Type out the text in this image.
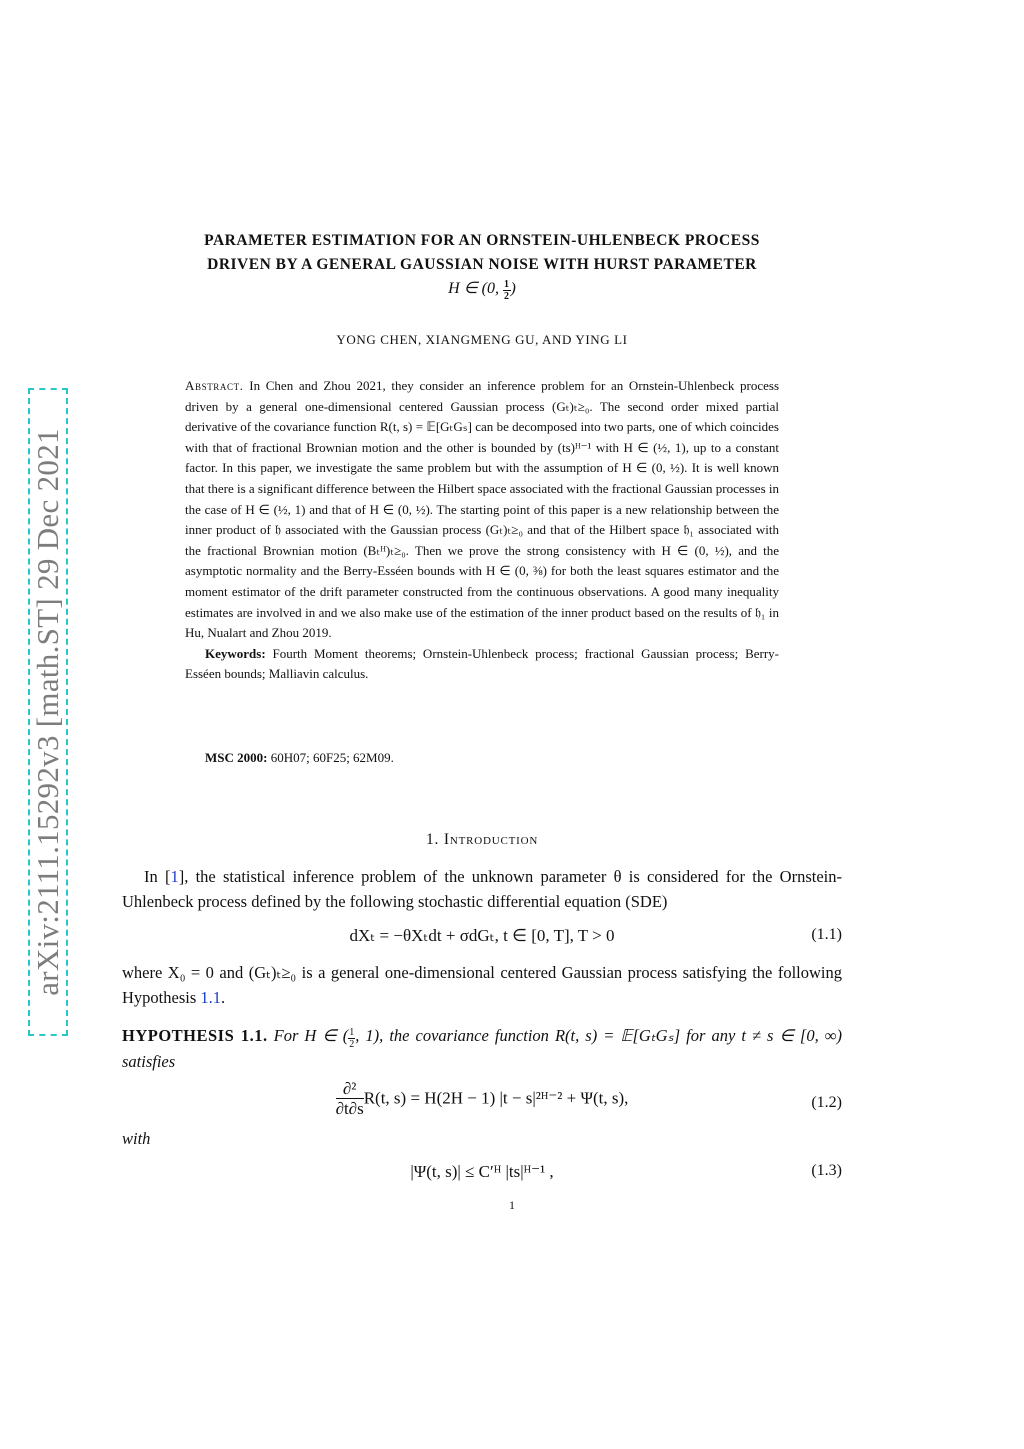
arXiv:2111.15292v3 [math.ST] 29 Dec 2021
PARAMETER ESTIMATION FOR AN ORNSTEIN-UHLENBECK PROCESS
DRIVEN BY A GENERAL GAUSSIAN NOISE WITH HURST PARAMETER
H ∈ (0, $\frac{1}{2}$ )
YONG CHEN, XIANGMENG GU, AND YING LI
Abstract. In Chen and Zhou 2021, they consider an inference problem for an Ornstein-Uhlenbeck process driven by a general one-dimensional centered Gaussian process (Gₜ)ₜ≥₀. The second order mixed partial derivative of the covariance function R(t, s) = 𝔼[GₜGₛ] can be decomposed into two parts, one of which coincides with that of fractional Brownian motion and the other is bounded by (ts)ᴴ⁻¹ with H ∈ (½, 1), up to a constant factor. In this paper, we investigate the same problem but with the assumption of H ∈ (0, ½). It is well known that there is a significant difference between the Hilbert space associated with the fractional Gaussian processes in the case of H ∈ (½, 1) and that of H ∈ (0, ½). The starting point of this paper is a new relationship between the inner product of 𝔥 associated with the Gaussian process (Gₜ)ₜ≥₀ and that of the Hilbert space 𝔥₁ associated with the fractional Brownian motion (Bₜᴴ)ₜ≥₀. Then we prove the strong consistency with H ∈ (0, ½), and the asymptotic normality and the Berry-Esséen bounds with H ∈ (0, ⅜) for both the least squares estimator and the moment estimator of the drift parameter constructed from the continuous observations. A good many inequality estimates are involved in and we also make use of the estimation of the inner product based on the results of 𝔥₁ in Hu, Nualart and Zhou 2019.
Keywords: Fourth Moment theorems; Ornstein-Uhlenbeck process; fractional Gaussian process; Berry-Esséen bounds; Malliavin calculus.
MSC 2000: 60H07; 60F25; 62M09.
1. Introduction
In [1], the statistical inference problem of the unknown parameter θ is considered for the Ornstein-Uhlenbeck process defined by the following stochastic differential equation (SDE)
dXₜ = −θXₜdt + σdGₜ, t ∈ [0, T], T > 0	(1.1)
where X₀ = 0 and (Gₜ)ₜ≥₀ is a general one-dimensional centered Gaussian process satisfying the following Hypothesis 1.1.
HYPOTHESIS 1.1. For H ∈ ( $\frac{1}{2}$ , 1), the covariance function R(t, s) = 𝔼[GₜGₛ] for any t ≠ s ∈ [0, ∞) satisfies
$\frac{\text{∂²}}{\partial t\partial s} R(t$, s) = H(2H − 1) |t − s|²ᴴ⁻² + Ψ(t, s),	(1.2)
with
|Ψ(t, s)| ≤ C′ᴴ |ts|ᴴ⁻¹ ,	(1.3)
1
